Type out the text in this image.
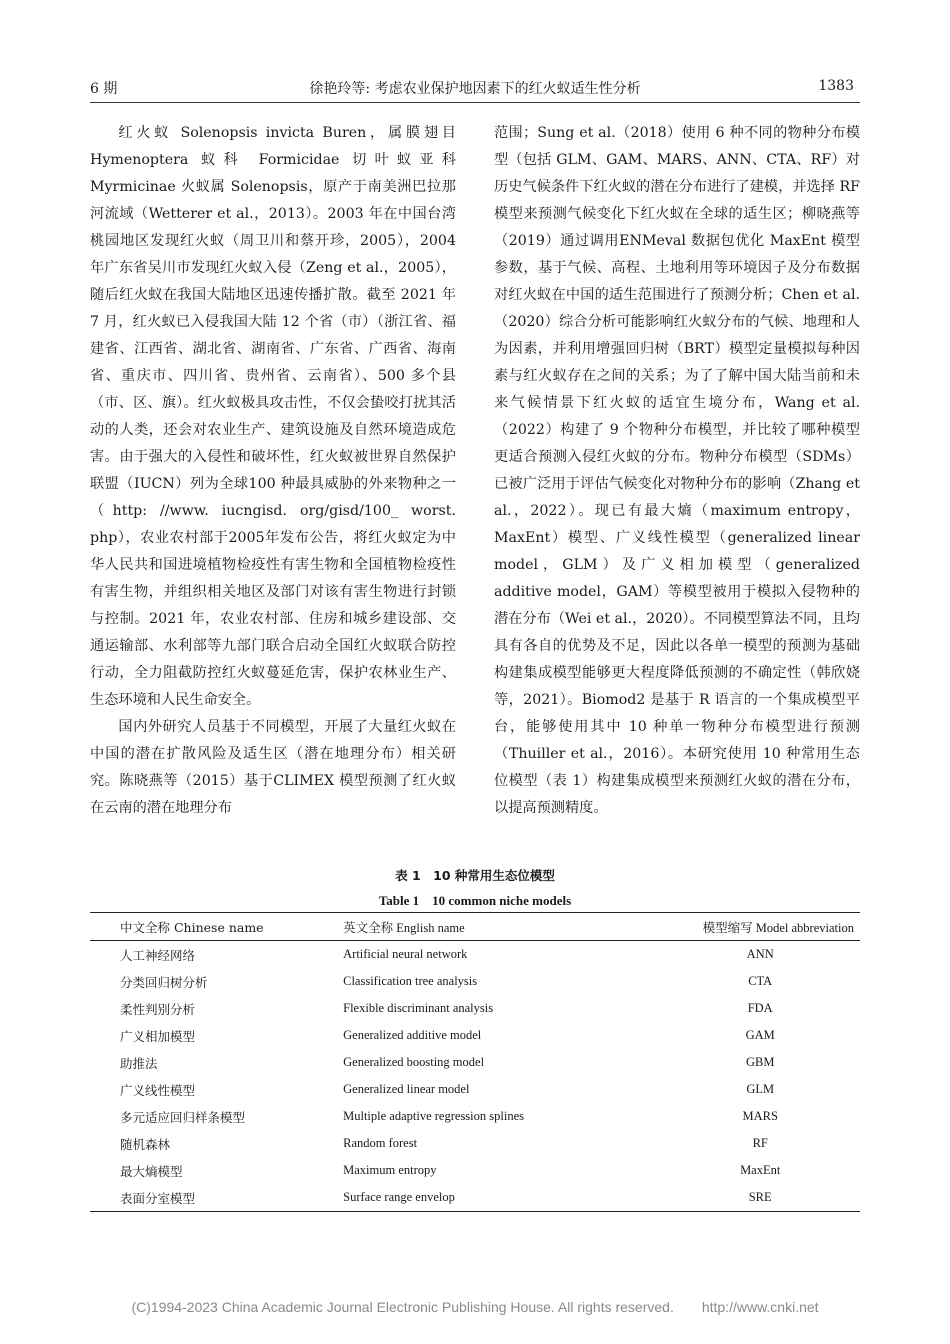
6 期	徐艳玲等: 考虑农业保护地因素下的红火蚁适生性分析	1383

红火蚁 Solenopsis invicta Buren，属膜翅目 Hymenoptera 蚁科 Formicidae 切叶蚁亚科 Myrmicinae 火蚁属 Solenopsis，原产于南美洲巴拉那河流域（Wetterer et al.，2013）。2003 年在中国台湾桃园地区发现红火蚁（周卫川和蔡开珍，2005），2004 年广东省吴川市发现红火蚁入侵（Zeng et al.，2005），随后红火蚁在我国大陆地区迅速传播扩散。截至 2021 年 7 月，红火蚁已入侵我国大陆 12 个省（市）（浙江省、福建省、江西省、湖北省、湖南省、广东省、广西省、海南省、重庆市、四川省、贵州省、云南省）、500 多个县（市、区、旗）。红火蚁极具攻击性，不仅会蛰咬打扰其活动的人类，还会对农业生产、建筑设施及自然环境造成危害。由于强大的入侵性和破坏性，红火蚁被世界自然保护联盟（IUCN）列为全球100 种最具威胁的外来物种之一（http: //www. iucngisd. org/gisd/100_ worst. php），农业农村部于2005年发布公告，将红火蚁定为中华人民共和国进境植物检疫性有害生物和全国植物检疫性有害生物，并组织相关地区及部门对该有害生物进行封锁与控制。2021 年，农业农村部、住房和城乡建设部、交通运输部、水利部等九部门联合启动全国红火蚁联合防控行动，全力阻截防控红火蚁蔓延危害，保护农林业生产、生态环境和人民生命安全。

国内外研究人员基于不同模型，开展了大量红火蚁在中国的潜在扩散风险及适生区（潜在地理分布）相关研究。陈晓燕等（2015）基于CLIMEX 模型预测了红火蚁在云南的潜在地理分布

范围；Sung et al.（2018）使用 6 种不同的物种分布模型（包括 GLM、GAM、MARS、ANN、CTA、RF）对历史气候条件下红火蚁的潜在分布进行了建模，并选择 RF 模型来预测气候变化下红火蚁在全球的适生区；柳晓燕等（2019）通过调用ENMeval 数据包优化 MaxEnt 模型参数，基于气候、高程、土地利用等环境因子及分布数据对红火蚁在中国的适生范围进行了预测分析；Chen et al.（2020）综合分析可能影响红火蚁分布的气候、地理和人为因素，并利用增强回归树（BRT）模型定量模拟每种因素与红火蚁存在之间的关系；为了了解中国大陆当前和未来气候情景下红火蚁的适宜生境分布，Wang et al.（2022）构建了 9 个物种分布模型，并比较了哪种模型更适合预测入侵红火蚁的分布。物种分布模型（SDMs）已被广泛用于评估气候变化对物种分布的影响（Zhang et al.，2022）。现已有最大熵（maximum entropy，MaxEnt）模型、广义线性模型（generalized linear model，GLM）及广义相加模型（generalized additive model，GAM）等模型被用于模拟入侵物种的潜在分布（Wei et al.，2020）。不同模型算法不同，且均具有各自的优势及不足，因此以各单一模型的预测为基础构建集成模型能够更大程度降低预测的不确定性（韩欣娆等，2021）。Biomod2 是基于 R 语言的一个集成模型平台，能够使用其中 10 种单一物种分布模型进行预测（Thuiller et al.，2016）。本研究使用 10 种常用生态位模型（表 1）构建集成模型来预测红火蚁的潜在分布，以提高预测精度。

表 1　10 种常用生态位模型
Table 1　10 common niche models
中文全称 Chinese name	英文全称 English name	模型缩写 Model abbreviation
人工神经网络	Artificial neural network	ANN
分类回归树分析	Classification tree analysis	CTA
柔性判别分析	Flexible discriminant analysis	FDA
广义相加模型	Generalized additive model	GAM
助推法	Generalized boosting model	GBM
广义线性模型	Generalized linear model	GLM
多元适应回归样条模型	Multiple adaptive regression splines	MARS
随机森林	Random forest	RF
最大熵模型	Maximum entropy	MaxEnt
表面分室模型	Surface range envelop	SRE
(C)1994-2023 China Academic Journal Electronic Publishing House. All rights reserved.　　http://www.cnki.net
